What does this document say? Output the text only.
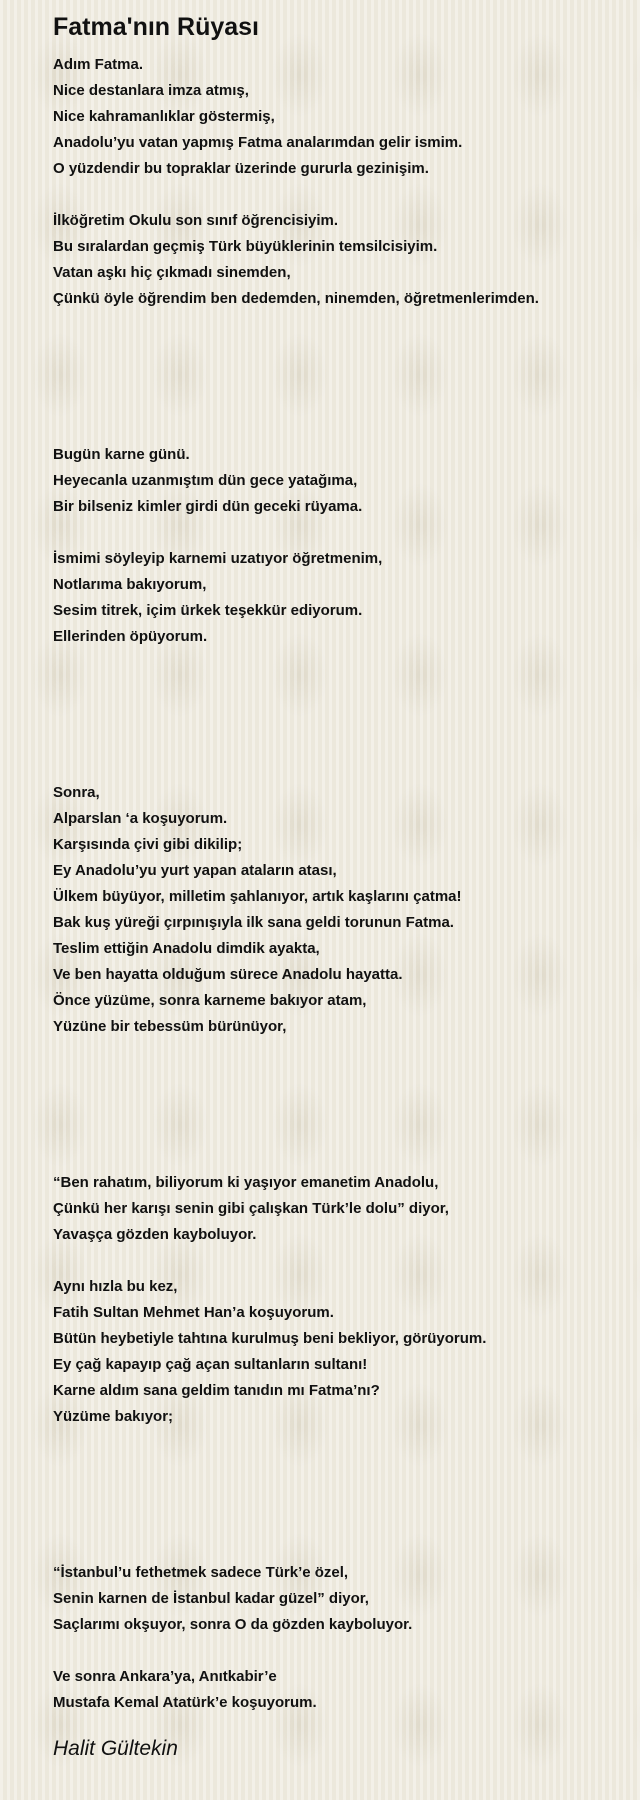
Fatma'nın Rüyası
Adım Fatma.
Nice destanlara imza atmış,
Nice kahramanlıklar göstermiş,
Anadolu’yu vatan yapmış Fatma analarımdan gelir ismim.
O yüzdendir bu topraklar üzerinde gururla gezinişim.
İlköğretim Okulu son sınıf öğrencisiyim.
Bu sıralardan geçmiş Türk büyüklerinin temsilcisiyim.
Vatan aşkı hiç çıkmadı sinemden,
Çünkü öyle öğrendim ben dedemden, ninemden, öğretmenlerimden.
Bugün karne günü.
Heyecanla uzanmıştım dün gece yatağıma,
Bir bilseniz kimler girdi dün geceki rüyama.
İsmimi söyleyip karnemi uzatıyor öğretmenim,
Notlarıma bakıyorum,
Sesim titrek, içim ürkek teşekkür ediyorum.
Ellerinden öpüyorum.
Sonra,
Alparslan ‘a koşuyorum.
Karşısında çivi gibi dikilip;
Ey Anadolu’yu yurt yapan ataların atası,
Ülkem büyüyor, milletim şahlanıyor, artık kaşlarını çatma!
Bak kuş yüreği çırpınışıyla ilk sana geldi torunun Fatma.
Teslim ettiğin Anadolu dimdik ayakta,
Ve ben hayatta olduğum sürece Anadolu hayatta.
Önce yüzüme, sonra karneme bakıyor atam,
Yüzüne bir tebessüm bürünüyor,
“Ben rahatım, biliyorum ki yaşıyor emanetim Anadolu,
Çünkü her karışı senin gibi çalışkan Türk’le dolu” diyor,
Yavaşça gözden kayboluyor.
Aynı hızla bu kez,
Fatih Sultan Mehmet Han’a koşuyorum.
Bütün heybetiyle tahtına kurulmuş beni bekliyor, görüyorum.
Ey çağ kapayıp çağ açan sultanların sultanı!
Karne aldım sana geldim tanıdın mı Fatma’nı?
Yüzüme bakıyor;
“İstanbul’u fethetmek sadece Türk’e özel,
Senin karnen de İstanbul kadar güzel” diyor,
Saçlarımı okşuyor, sonra O da gözden kayboluyor.
Ve sonra Ankara’ya, Anıtkabir’e
Mustafa Kemal Atatürk’e koşuyorum.
Halit Gültekin
